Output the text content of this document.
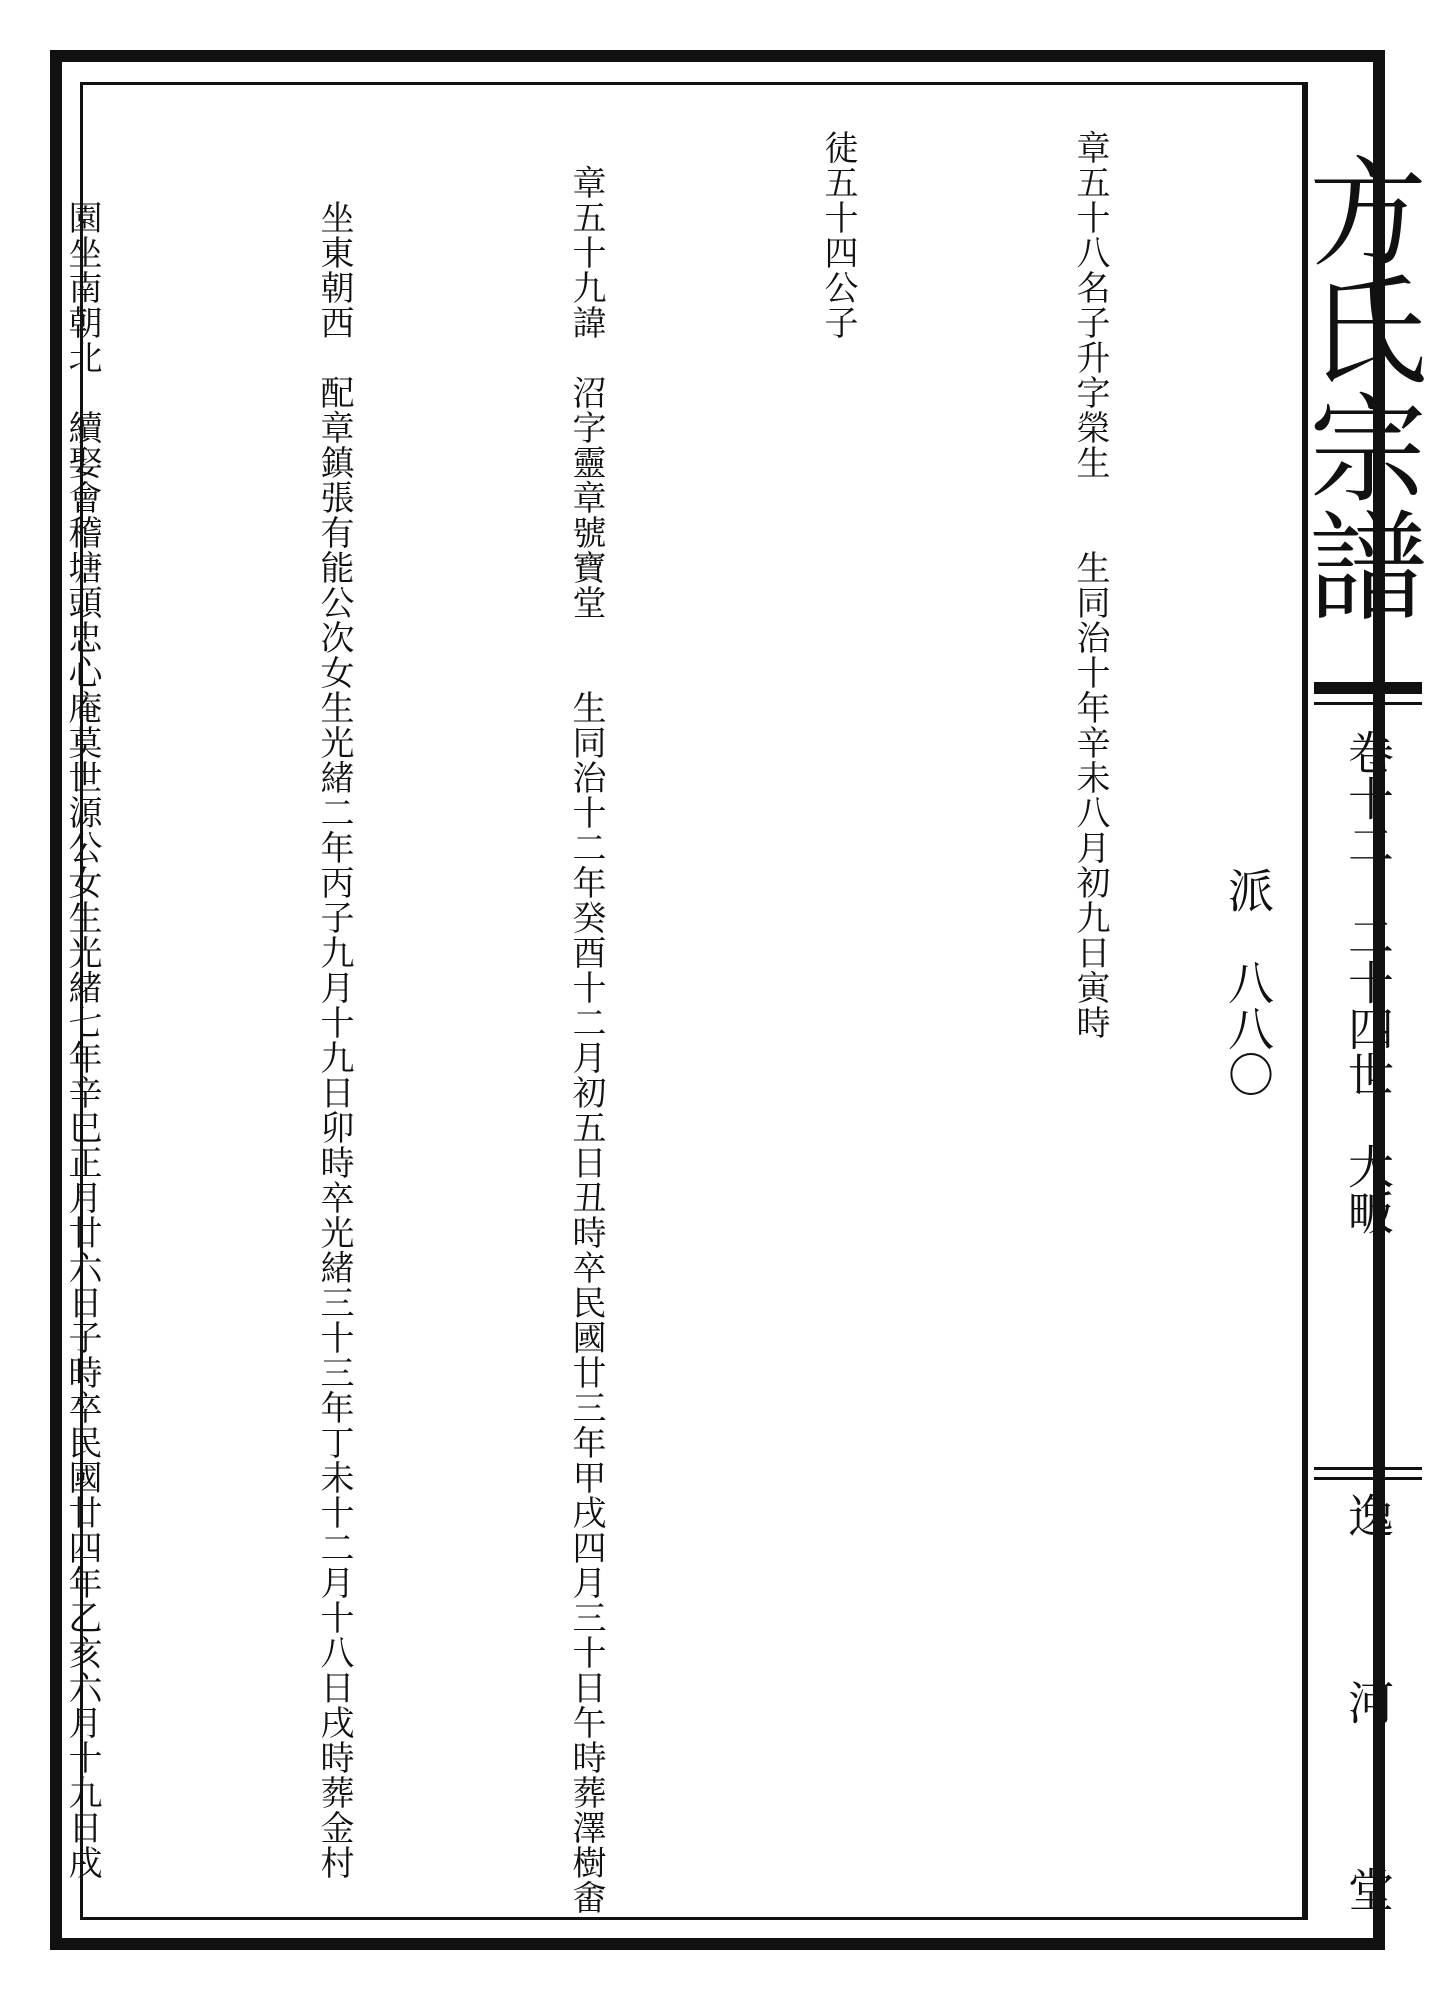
方氏宗譜
卷十二　二十四世　大畈派　八八〇
逸 河 堂

章五十八名子升字榮生　　生同治十年辛未八月初九日寅時

徒五十四公子

　章五十九諱　沼字靈章號寶堂　　生同治十二年癸酉十二月初五日丑時卒民國廿三年甲戌四月三十日午時葬澤樹畬

　　坐東朝西　配章鎮張有能公次女生光緒二年丙子九月十九日卯時卒光緒三十三年丁未十二月十八日戌時葬金村

　　園坐南朝北　續娶會稽塘頭忠心庵莫世源公女生光緒七年辛巳正月廿六日子時卒民國廿四年乙亥六月十九日戌
